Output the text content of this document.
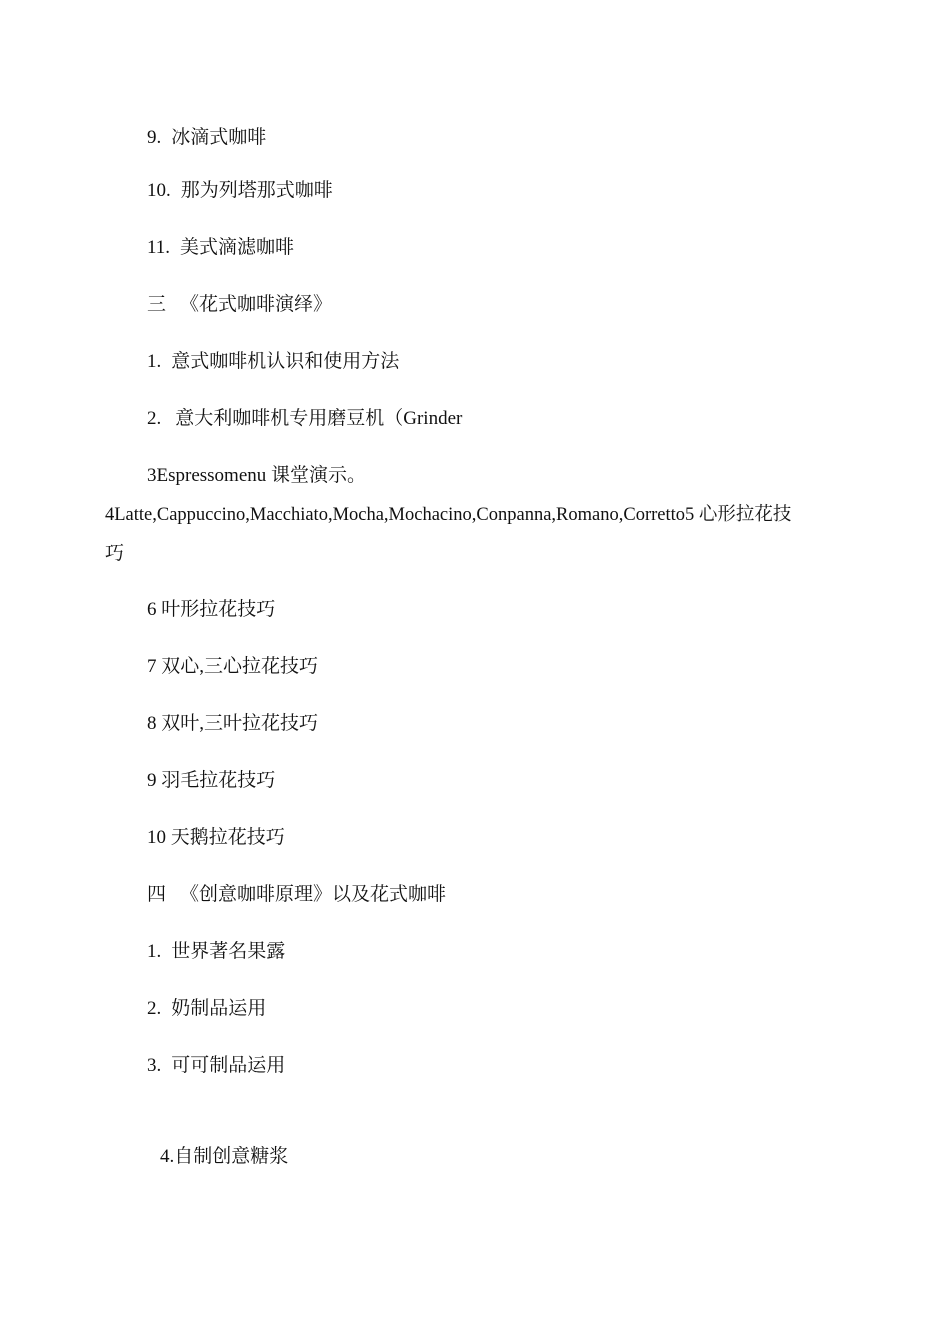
9. 冰滴式咖啡
10. 那为列塔那式咖啡
11. 美式滴滤咖啡
三 《花式咖啡演绎》
1. 意式咖啡机认识和使用方法
2. 意大利咖啡机专用磨豆机（Grinder
3Espressomenu 课堂演示。
4Latte,Cappuccino,Macchiato,Mocha,Mochacino,Conpanna,Romano,Corretto5 心形拉花技
巧
6 叶形拉花技巧
7 双心,三心拉花技巧
8 双叶,三叶拉花技巧
9 羽毛拉花技巧
10 天鹅拉花技巧
四 《创意咖啡原理》以及花式咖啡
1. 世界著名果露
2. 奶制品运用
3. 可可制品运用
4.自制创意糖浆
